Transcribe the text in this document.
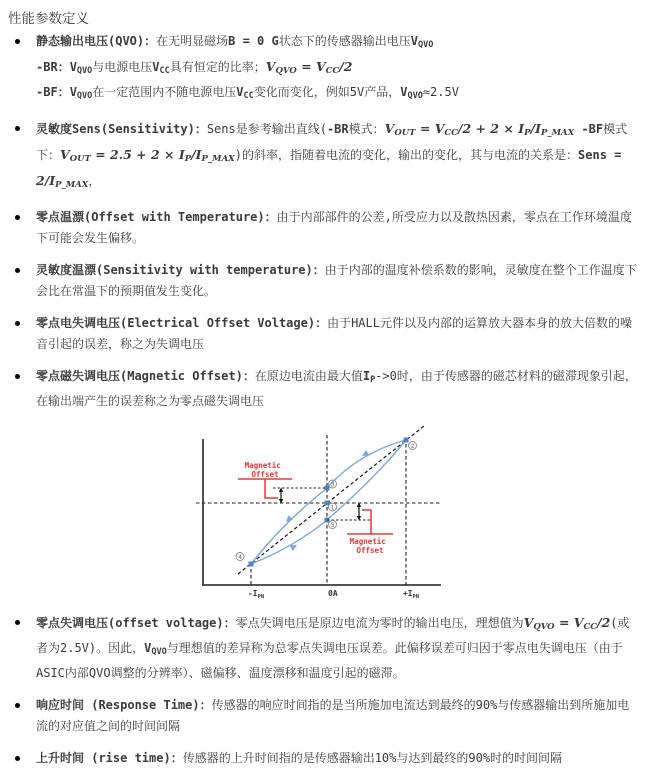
性能参数定义
静态输出电压(QVO)：在无明显磁场B = 0 G状态下的传感器输出电压VQVO
-BR：VQVO与电源电压VCC具有恒定的比率；VQVO = VCC/2
-BF：VQVO在一定范围内不随电源电压VCC变化而变化，例如5V产品，VQVO≈2.5V
灵敏度Sens(Sensitivity)：Sens是参考输出直线(-BR模式：VOUT = VCC/2 + 2 × IP/IP_MAX -BF模式下：VOUT = 2.5 + 2 × IP/IP_MAX)的斜率，指随着电流的变化，输出的变化，其与电流的关系是：Sens = 2/IP_MAX，
零点温漂(Offset with Temperature)：由于内部部件的公差,所受应力以及散热因素，零点在工作环境温度下可能会发生偏移。
灵敏度温漂(Sensitivity with temperature)：由于内部的温度补偿系数的影响，灵敏度在整个工作温度下会比在常温下的预期值发生变化。
零点电失调电压(Electrical Offset Voltage)：由于HALL元件以及内部的运算放大器本身的放大倍数的噪音引起的误差，称之为失调电压
零点磁失调电压(Magnetic Offset)：在原边电流由最大值IP->0时，由于传感器的磁芯材料的磁滞现象引起，在输出端产生的误差称之为零点磁失调电压
Magnetic Offset
Magnetic Offset
2
3
1
5
4
$-I_{PN}$	0A	$+I_{PN}$
零点失调电压(offset voltage)：零点失调电压是原边电流为零时的输出电压，理想值为VQVO = VCC/2(或者为2.5V)。因此，VQVO与理想值的差异称为总零点失调电压误差。此偏移误差可归因于零点电失调电压（由于ASIC内部QVO调整的分辨率）、磁偏移、温度漂移和温度引起的磁滞。
响应时间 (Response Time)：传感器的响应时间指的是当所施加电流达到最终的90%与传感器输出到所施加电流的对应值之间的时间间隔
上升时间 (rise time)：传感器的上升时间指的是传感器输出10%与达到最终的90%时的时间间隔
